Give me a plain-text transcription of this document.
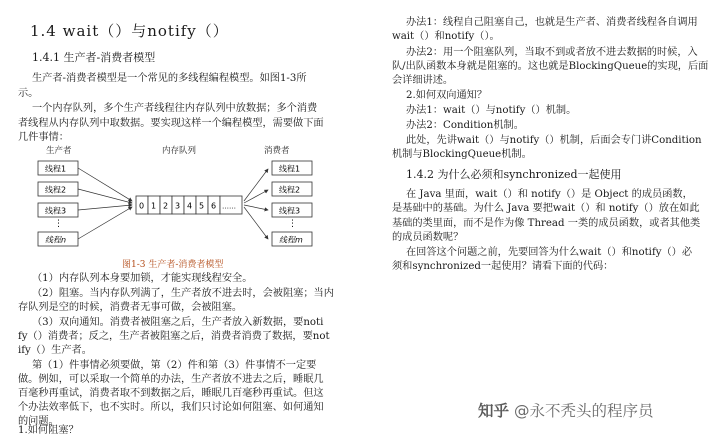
1.4 wait（）与notify（）
1.4.1 生产者-消费者模型
生产者-消费者模型是一个常见的多线程编程模型。如图1-3所
示。
一个内存队列，多个生产者线程往内存队列中放数据；多个消费
者线程从内存队列中取数据。要实现这样一个编程模型，需要做下面
几件事情：
生产者	内存队列	消费者
线程1
线程2
线程3
⋮
线程n
0 1 2 3 4 5 6 ……
线程1
线程2
线程3
⋮
线程m
图1-3 生产者-消费者模型
（1）内存队列本身要加锁，才能实现线程安全。
（2）阻塞。当内存队列满了，生产者放不进去时，会被阻塞；当内
存队列是空的时候，消费者无事可做，会被阻塞。
（3）双向通知。消费者被阻塞之后，生产者放入新数据，要noti
fy（）消费者；反之，生产者被阻塞之后，消费者消费了数据，要not
ify（）生产者。
第（1）件事情必须要做，第（2）件和第（3）件事情不一定要
做。例如，可以采取一个简单的办法，生产者放不进去之后，睡眠几
百毫秒再重试，消费者取不到数据之后，睡眠几百毫秒再重试。但这
个办法效率低下，也不实时。所以，我们只讨论如何阻塞、如何通知
的问题。
1.如何阻塞？
办法1：线程自己阻塞自己，也就是生产者、消费者线程各自调用
wait（）和notify（）。
办法2：用一个阻塞队列，当取不到或者放不进去数据的时候，入
队/出队函数本身就是阻塞的。这也就是BlockingQueue的实现，后面
会详细讲述。
2.如何双向通知？
办法1：wait（）与notify（）机制。
办法2：Condition机制。
此处，先讲wait（）与notify（）机制，后面会专门讲Condition
机制与BlockingQueue机制。
1.4.2 为什么必须和synchronized一起使用
在 Java 里面，wait（）和 notify（）是 Object 的成员函数，
是基础中的基础。为什么 Java 要把wait（）和 notify（）放在如此
基础的类里面，而不是作为像 Thread 一类的成员函数，或者其他类
的成员函数呢？
在回答这个问题之前，先要回答为什么wait（）和notify（）必
须和synchronized一起使用？请看下面的代码：
知乎 @永不秃头的程序员
